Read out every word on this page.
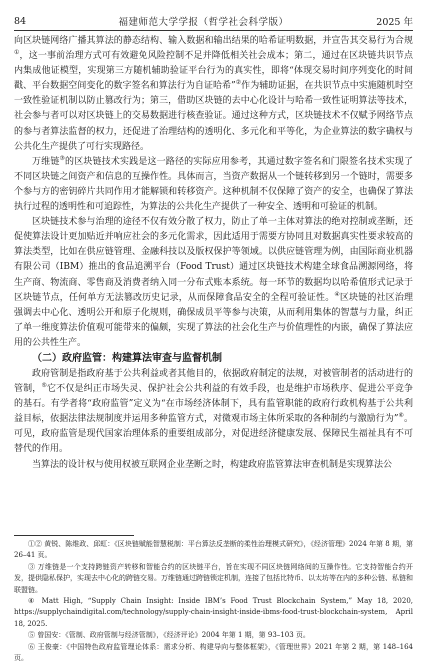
84	福建师范大学学报（哲学社会科学版）	2025 年

向区块链网络广播其算法的静态结构、输入数据和输出结果的哈希证明数据，并宣告其交易行为合规①，这一事前治理方式可有效避免风险控制不足并降低相关社会成本；第二，通过在区块链共识节点内集成他证模型，实现第三方随机辅助验证平台行为的真实性，即将“体现交易时间序列变化的时间戳、平台数据空间变化的数字签名和算法行为自证哈希”②作为辅助证据，在共识节点中实施随机时空一致性验证机制以防止篡改行为；第三，借助区块链的去中心化设计与哈希一致性证明算法等技术，社会参与者可以对区块链上的交易数据进行核查验证。通过这种方式，区块链技术不仅赋予网络节点的参与者算法监督的权力，还促进了治理结构的透明化、多元化和平等化，为企业算法的数字确权与公共化生产提供了可行实现路径。

万维链③的区块链技术实践是这一路径的实际应用参考，其通过数字签名和门限签名技术实现了不同区块链之间资产和信息的互操作性。具体而言，当资产数据从一个链转移到另一个链时，需要多个参与方的密钥碎片共同作用才能解锁和转移资产。这种机制不仅保障了资产的安全，也确保了算法执行过程的透明性和可追踪性，为算法的公共化生产提供了一种安全、透明和可验证的机制。

区块链技术参与治理的途径不仅有效分散了权力，防止了单一主体对算法的绝对控制或垄断，还促使算法设计更加贴近并响应社会的多元化需求，因此适用于需要方协同且对数据真实性要求较高的算法类型，比如在供应链管理、金融科技以及版权保护等领域。以供应链管理为例，由国际商业机器有限公司（IBM）推出的食品追溯平台（Food Trust）通过区块链技术构建全球食品溯源网络，将生产商、物流商、零售商及消费者纳入同一分布式账本系统。每一环节的数据均以哈希值形式记录于区块链节点，任何单方无法篡改历史记录，从而保障食品安全的全程可验证性。④区块链的社区治理强调去中心化、透明公开和原子化规则，确保成员平等参与决策，从而利用集体的智慧与力量，纠正了单一维度算法价值观可能带来的偏颇，实现了算法的社会化生产与价值理性的内嵌，确保了算法应用的公共性生产。

（二）政府监管：构建算法审查与监督机制

政府管制是指政府基于公共利益或者其他目的，依据政府制定的法规，对被管制者的活动进行的管制，⑤它不仅是纠正市场失灵、保护社会公共利益的有效手段，也是维护市场秩序、促进公平竞争的基石。有学者将“政府监管”定义为“在市场经济体制下，具有监管职能的政府行政机构基于公共利益目标，依据法律法规制度并运用多种监管方式，对微观市场主体所采取的各种制约与激励行为”⑥。可见，政府监管是现代国家治理体系的重要组成部分，对促进经济健康发展、保障民生福祉具有不可替代的作用。

当算法的设计权与使用权被互联网企业垄断之时，构建政府监管算法审查机制是实现算法公

①② 黄锐、陈维政、邱虹：《区块链赋能智慧税制：平台算法反垄断的柔性治理模式研究》，《经济管理》2024 年第 8 期，第 26–41 页。

③ 万维链是一个支持跨链资产转移和智能合约的区块链平台，旨在实现不同区块链网络间的互操作性。它支持智能合约开发，提供隐私保护，实现去中心化的跨链交易。万维链通过跨链锁定机制，连接了包括比特币、以太坊等在内的多种公链、私链和联盟链。

④ Matt High, “Supply Chain Insight: Inside IBM’s Food Trust Blockchain System,” May 18, 2020, https://supplychaindigital.com/technology/supply-chain-insight-inside-ibms-food-trust-blockchain-system, April 18, 2025.

⑤ 曾国安：《管制、政府管制与经济管制》，《经济评论》2004 年第 1 期，第 93–103 页。

⑥ 王俊豪：《中国特色政府监管理论体系：需求分析、构建导向与整体框架》，《管理世界》2021 年第 2 期，第 148–164 页。
